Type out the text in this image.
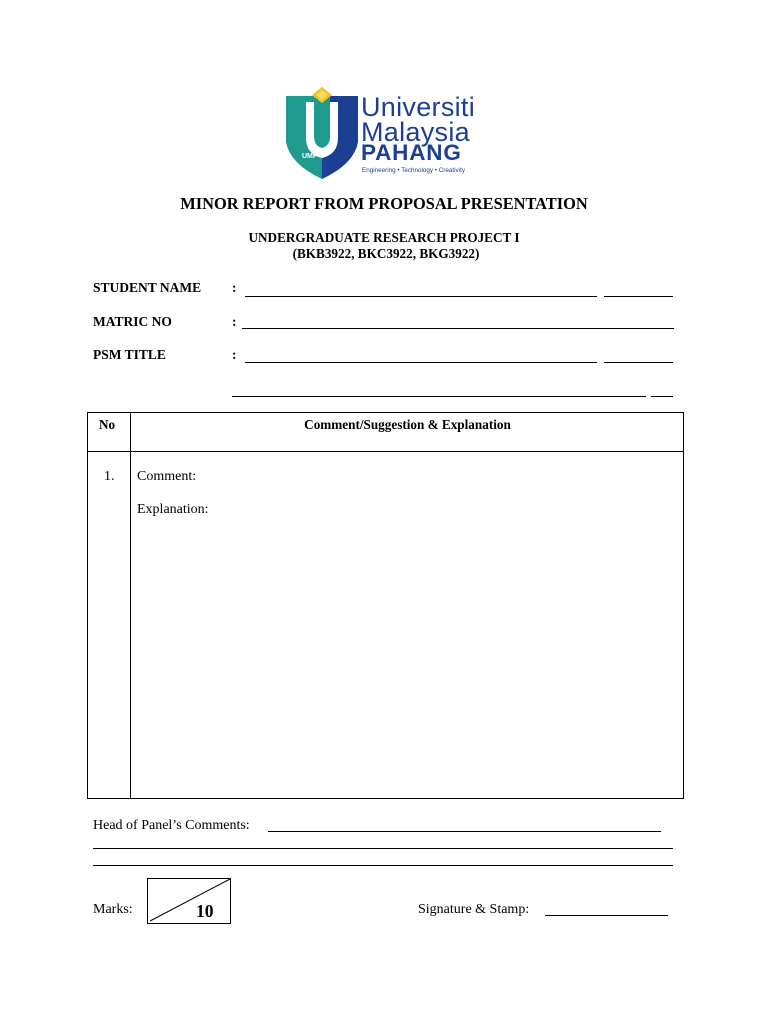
UMP
Universiti
Malaysia
PAHANG
Engineering • Technology • Creativity
MINOR REPORT FROM PROPOSAL PRESENTATION
UNDERGRADUATE RESEARCH PROJECT I
(BKB3922, BKC3922, BKG3922)
STUDENT NAME :
MATRIC NO	:
PSM TITLE	:
No	Comment/Suggestion & Explanation
1. Comment:
Explanation:
Head of Panel’s Comments:
Marks:	10	Signature & Stamp:
